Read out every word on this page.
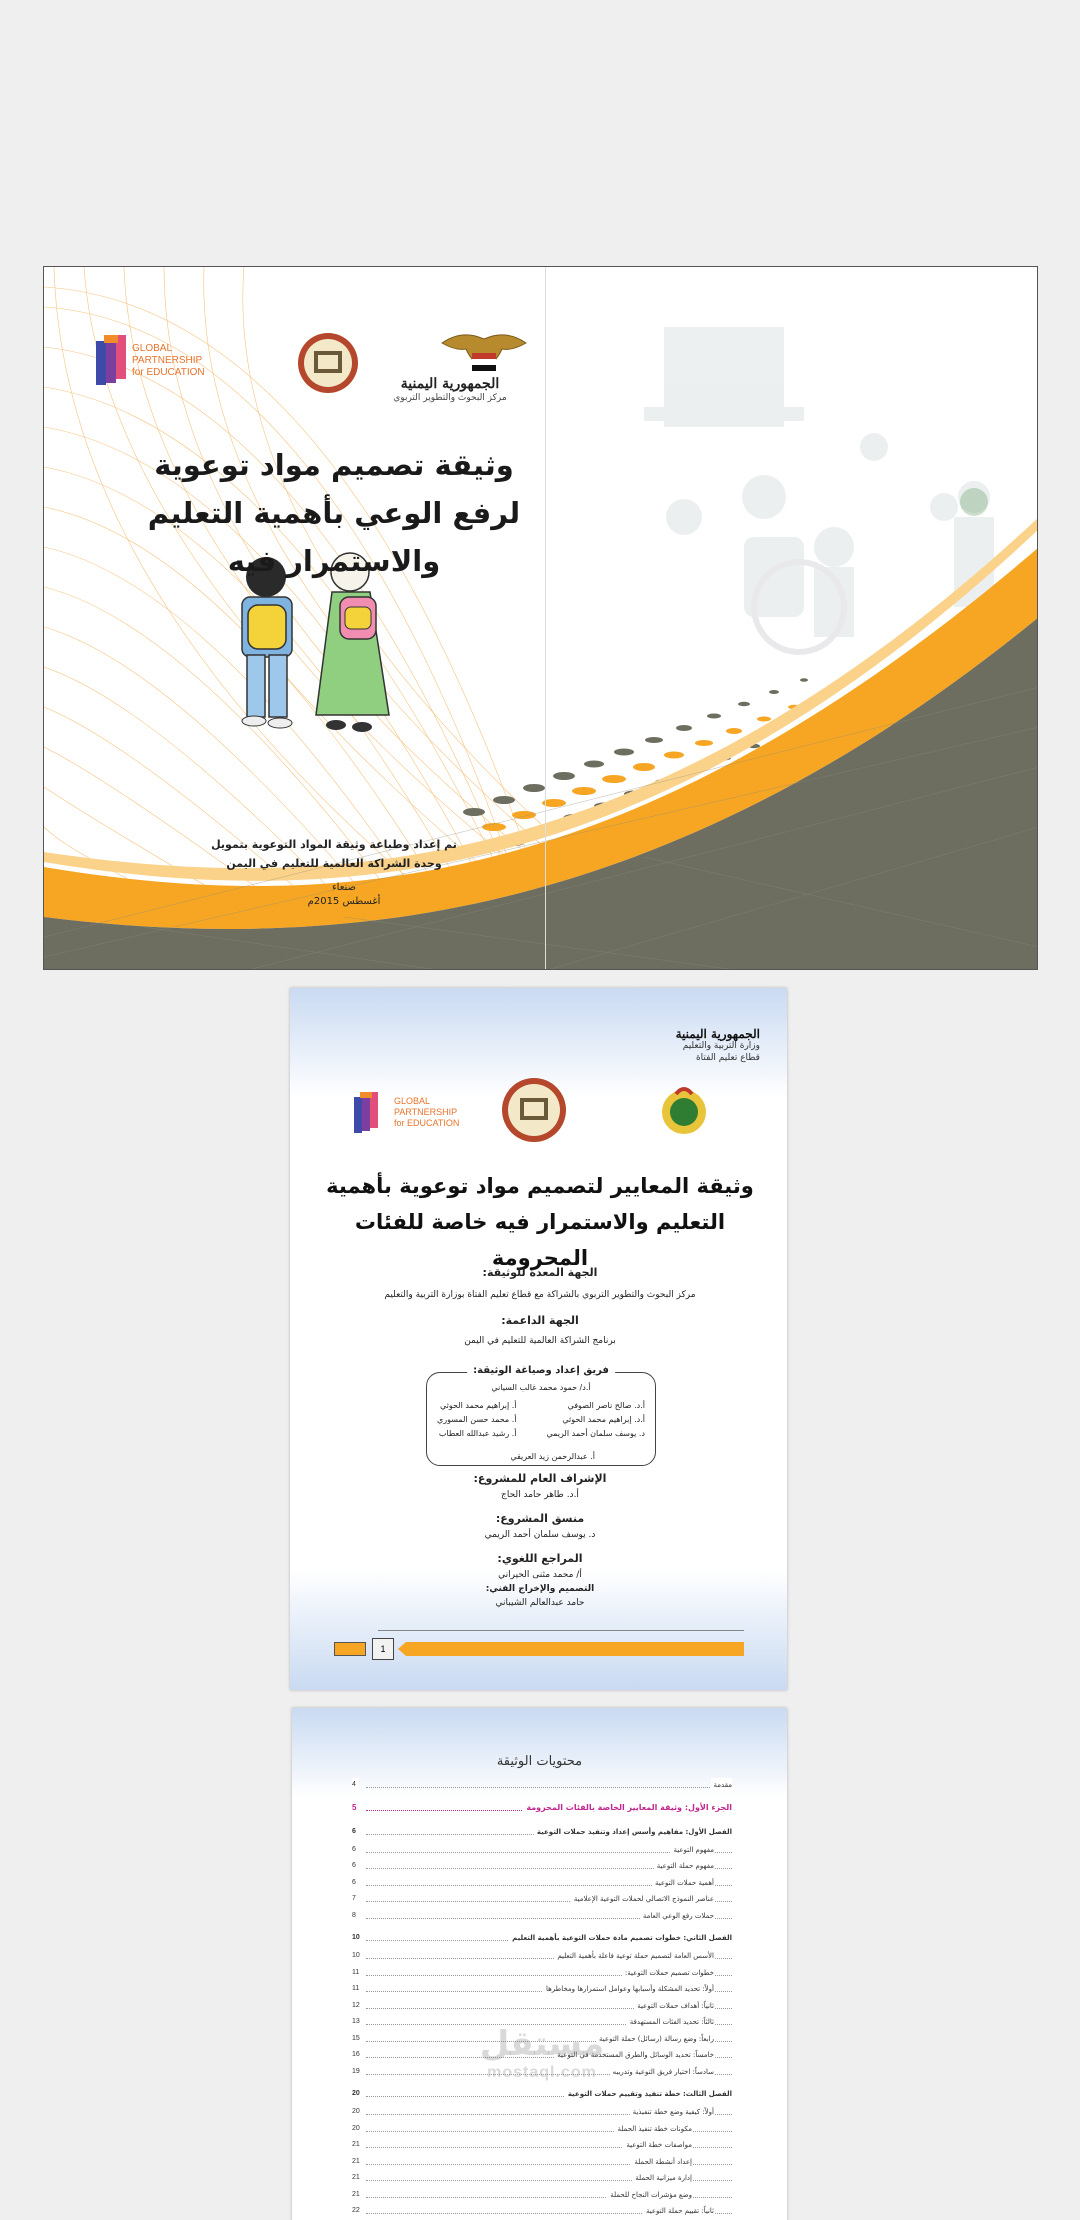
GLOBAL
PARTNERSHIP
for EDUCATION
الجمهورية اليمنية
مركز البحوث والتطوير التربوي
وثيقة تصميم مواد توعوية
لرفع الوعي بأهمية التعليم
والاستمرار فيه
تم إعداد وطباعة وثيقة المواد التوعوية بتمويل
وحدة الشراكة العالمية للتعليم في اليمن
صنعاء
أغسطس 2015م
الجمهورية اليمنية
وزارة التربية والتعليم
قطاع تعليم الفتاة
GLOBAL
PARTNERSHIP
for EDUCATION
وثيقة المعايير لتصميم مواد توعوية بأهمية
التعليم والاستمرار فيه خاصة للفئات المحرومة
الجهة المعدة للوثيقة:
مركز البحوث والتطوير التربوي بالشراكة مع قطاع تعليم الفتاة بوزارة التربية والتعليم
الجهة الداعمة:
برنامج الشراكة العالمية للتعليم في اليمن
فريق إعداد وصياغة الوثيقة:
أ.د/ حمود محمد غالب السياني
أ.د. صالح ناصر الصوفي
أ.د. إبراهيم محمد الحوثي
د. يوسف سلمان أحمد الريمي
أ. إبراهيم محمد الحوثي
أ. محمد حسن المسوري
أ. رشيد عبدالله العطاب
أ. عبدالرحمن زيد العريقي
الإشراف العام للمشروع:
أ.د. طاهر حامد الحاج
منسق المشروع:
د. يوسف سلمان أحمد الريمي
المراجع اللغوي:
أ/ محمد مثنى الحيراني
التصميم والإخراج الفني:
حامد عبدالعالم الشيباني
1
محتويات الوثيقة
مقدمة
4
الجزء الأول: وثيقة المعايير الخاصة بالفئات المحرومة
5
الفصل الأول: مفاهيم وأسس إعداد وتنفيذ حملات التوعية
6
مفهوم التوعية
6
مفهوم حملة التوعية
6
أهمية حملات التوعية
6
عناصر النموذج الاتصالي لحملات التوعية الإعلامية
7
حملات رفع الوعي العامة
8
الفصل الثاني: خطوات تصميم مادة حملات التوعية بأهمية التعليم
10
الأسس العامة لتصميم حملة توعية فاعلة بأهمية التعليم
10
خطوات تصميم حملات التوعية:
11
أولاً: تحديد المشكلة وأسبابها وعوامل استمرارها ومخاطرها
11
ثانياً: أهداف حملات التوعية
12
ثالثاً: تحديد الفئات المستهدفة
13
رابعاً: وضع رسالة (رسائل) حملة التوعية
15
خامساً: تحديد الوسائل والطرق المستخدمة في التوعية
16
سادساً: اختيار فريق التوعية وتدريبه
19
الفصل الثالث: خطة تنفيذ وتقييم حملات التوعية
20
أولاً: كيفية وضع خطة تنفيذية
20
مكونات خطة تنفيذ الحملة
20
مواصفات خطة التوعية
21
إعداد أنشطة الحملة
21
إدارة ميزانية الحملة
21
وضع مؤشرات النجاح للحملة
21
ثانياً: تقييم حملة التوعية
22
مستقل
mostaql.com
